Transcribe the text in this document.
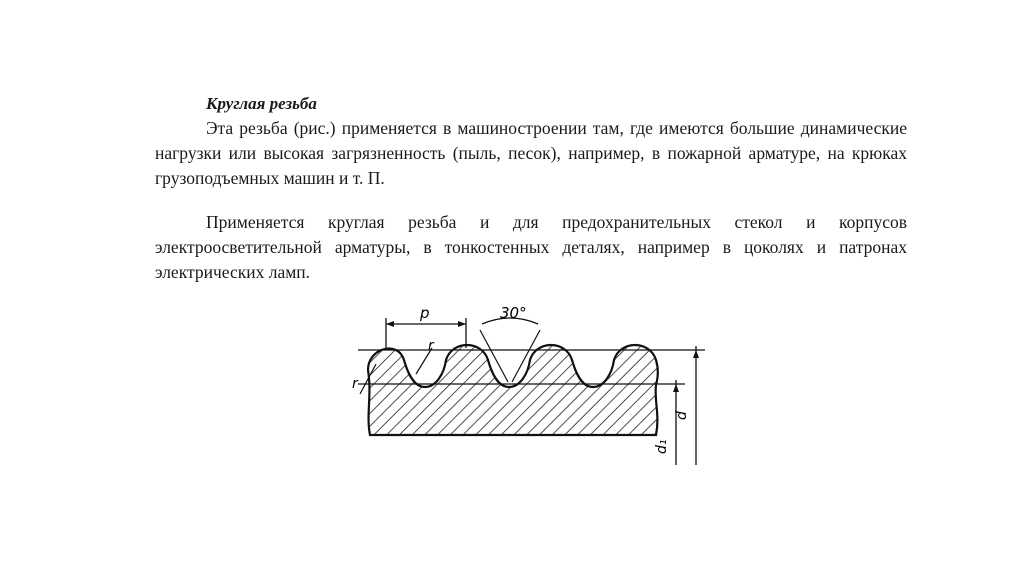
Круглая резьба

Эта резьба (рис.) применяется в машиностроении там, где имеются большие динамические нагрузки или высокая загрязненность (пыль, песок), например, в пожарной арматуре, на крюках грузоподъемных машин и т. П.

Применяется круглая резьба и для предохранительных стекол и корпусов электроосветительной арматуры, в тонкостенных деталях, например в цоколях и патронах электрических ламп.

p	30°
r
r
d
d₁
